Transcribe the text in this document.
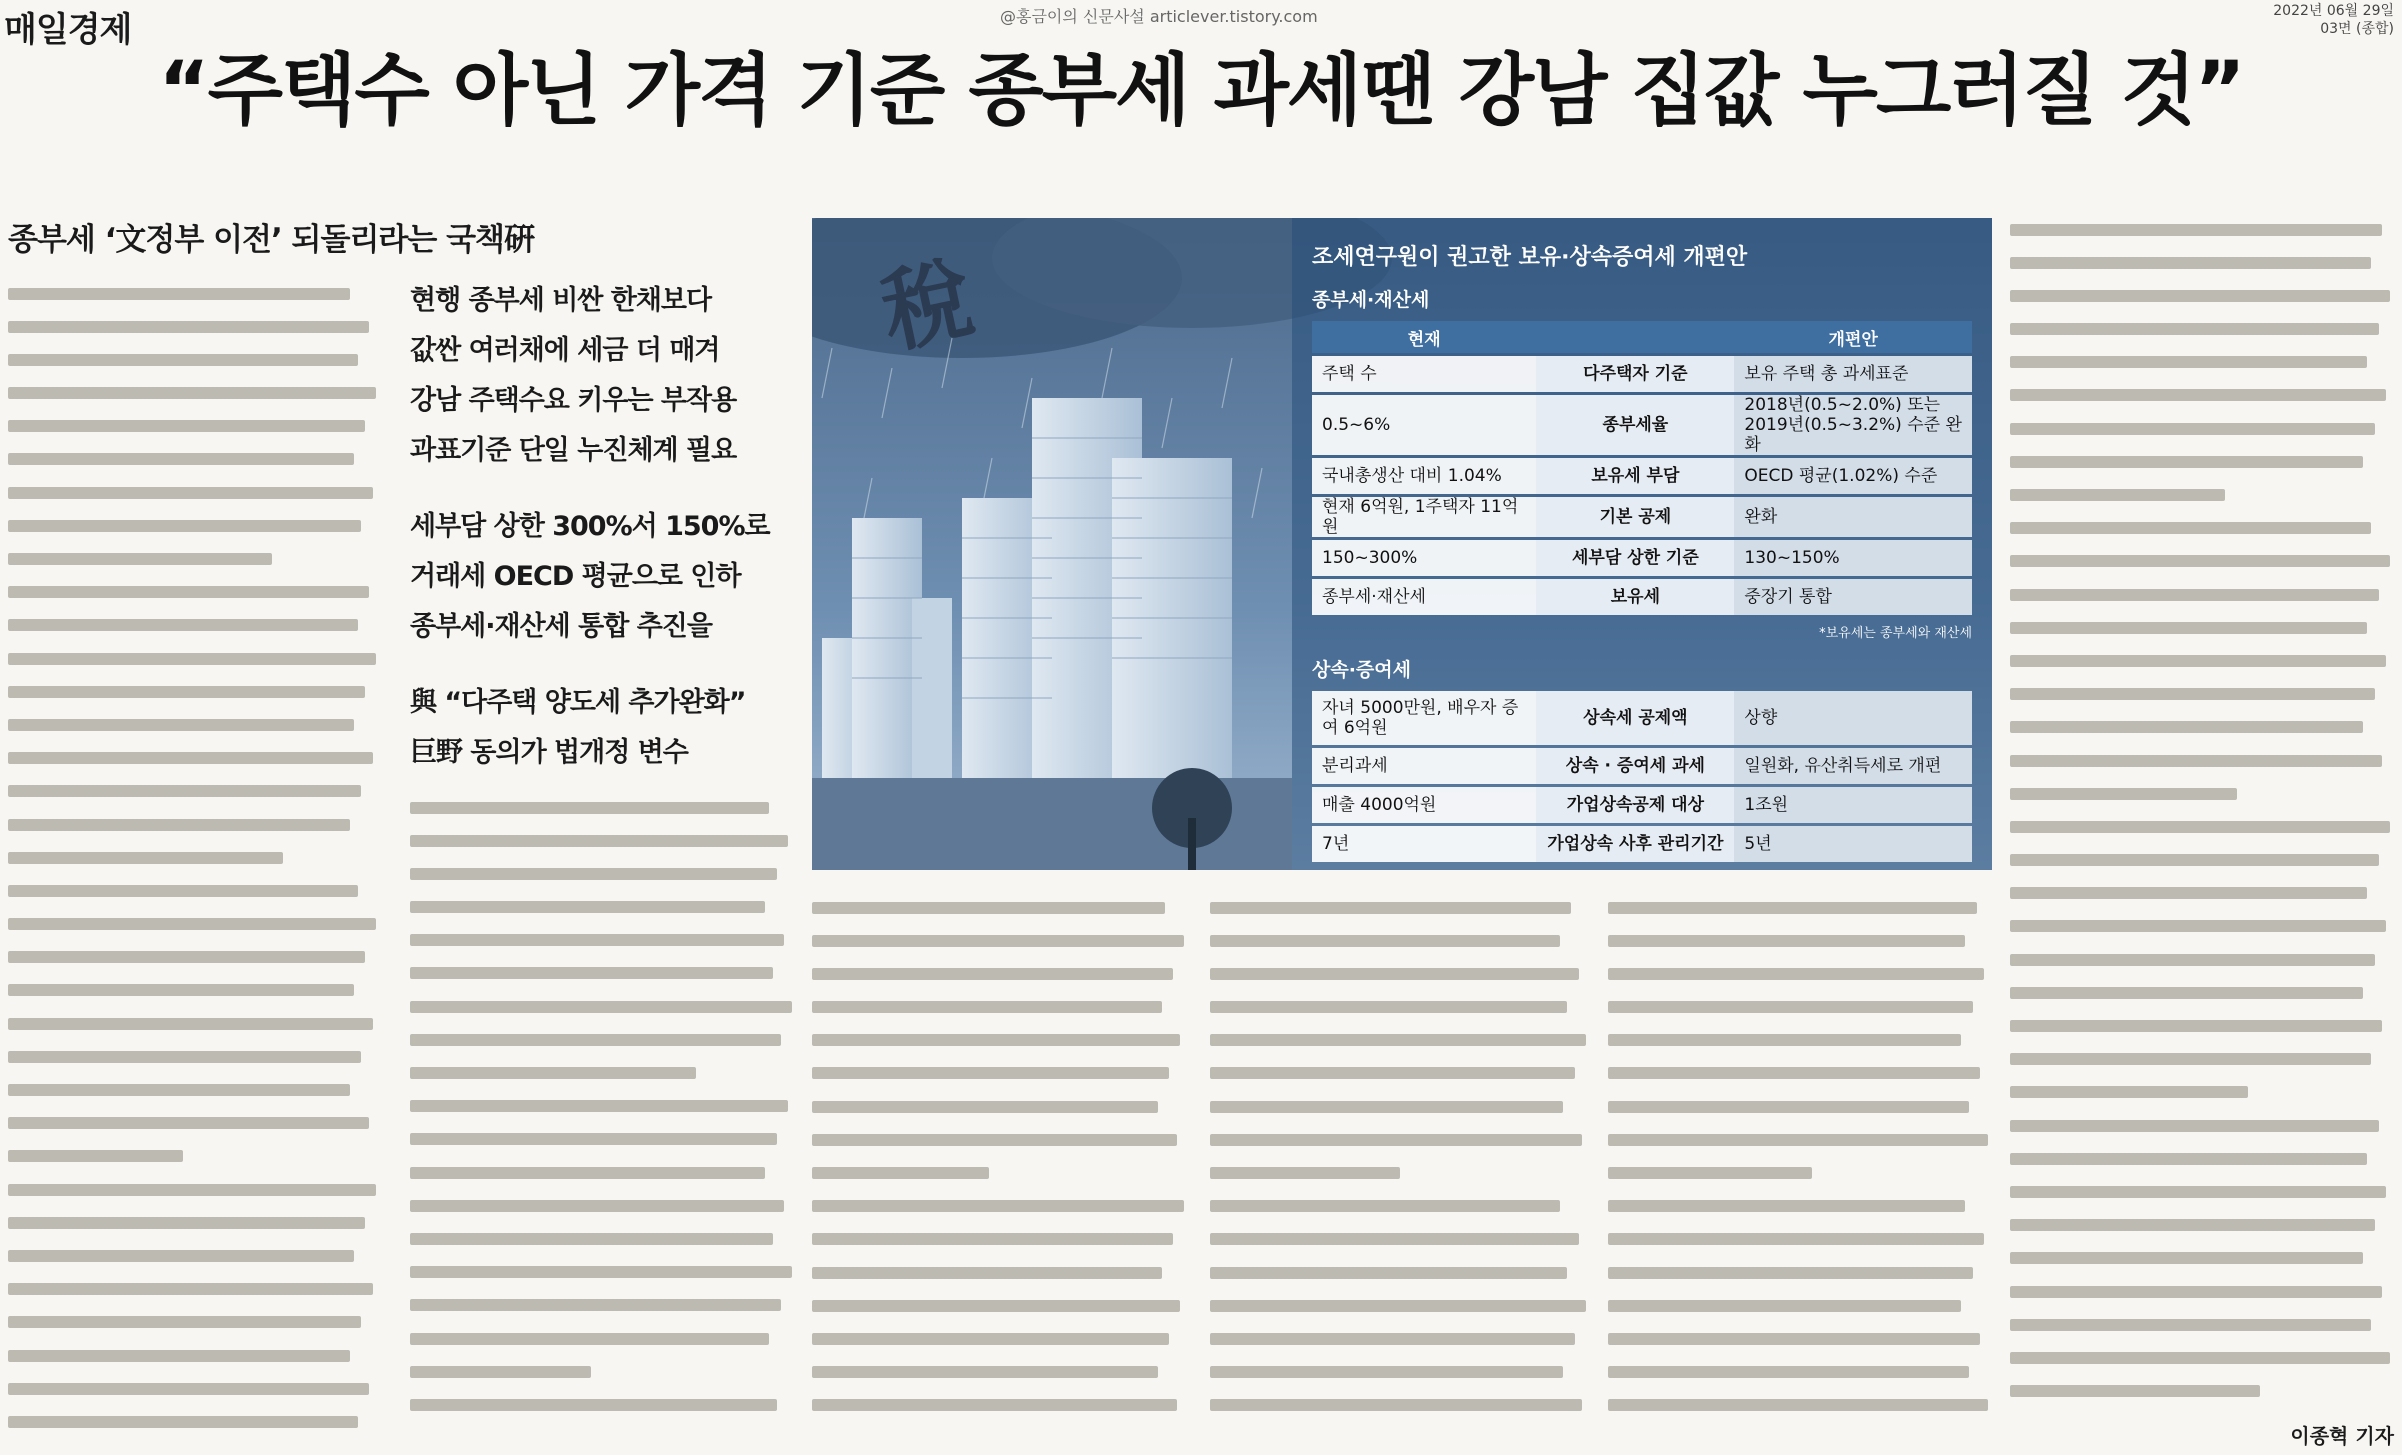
매일경제	@홍금이의 신문사설 articlever.tistory.com	2022년 06월 29일
03면 (종합)
“주택수 아닌 가격 기준 종부세 과세땐 강남 집값 누그러질 것”
종부세 ‘文정부 이전’ 되돌리라는 국책硏
현행 종부세 비싼 한채보다
값싼 여러채에 세금 더 매겨
강남 주택수요 키우는 부작용
과표기준 단일 누진체계 필요
세부담 상한 300%서 150%로
거래세 OECD 평균으로 인하
종부세·재산세 통합 추진을
與 “다주택 양도세 추가완화”
巨野 동의가 법개정 변수
稅	조세연구원이 권고한 보유·상속증여세 개편안
종부세·재산세
현재		개편안
주택 수	다주택자 기준	보유 주택 총 과세표준
0.5~6%	종부세율	2018년(0.5~2.0%) 또는 2019년(0.5~3.2%) 수준 완화
국내총생산 대비 1.04%	보유세 부담	OECD 평균(1.02%) 수준
현재 6억원, 1주택자 11억원	기본 공제	완화
150~300%	세부담 상한 기준	130~150%
종부세·재산세	보유세	중장기 통합
*보유세는 종부세와 재산세
상속·증여세
자녀 5000만원, 배우자 증여 6억원	상속세 공제액	상향
분리과세	상속 · 증여세 과세	일원화, 유산취득세로 개편
매출 4000억원	가업상속공제 대상	1조원
7년	가업상속 사후 관리기간	5년
이종혁 기자
